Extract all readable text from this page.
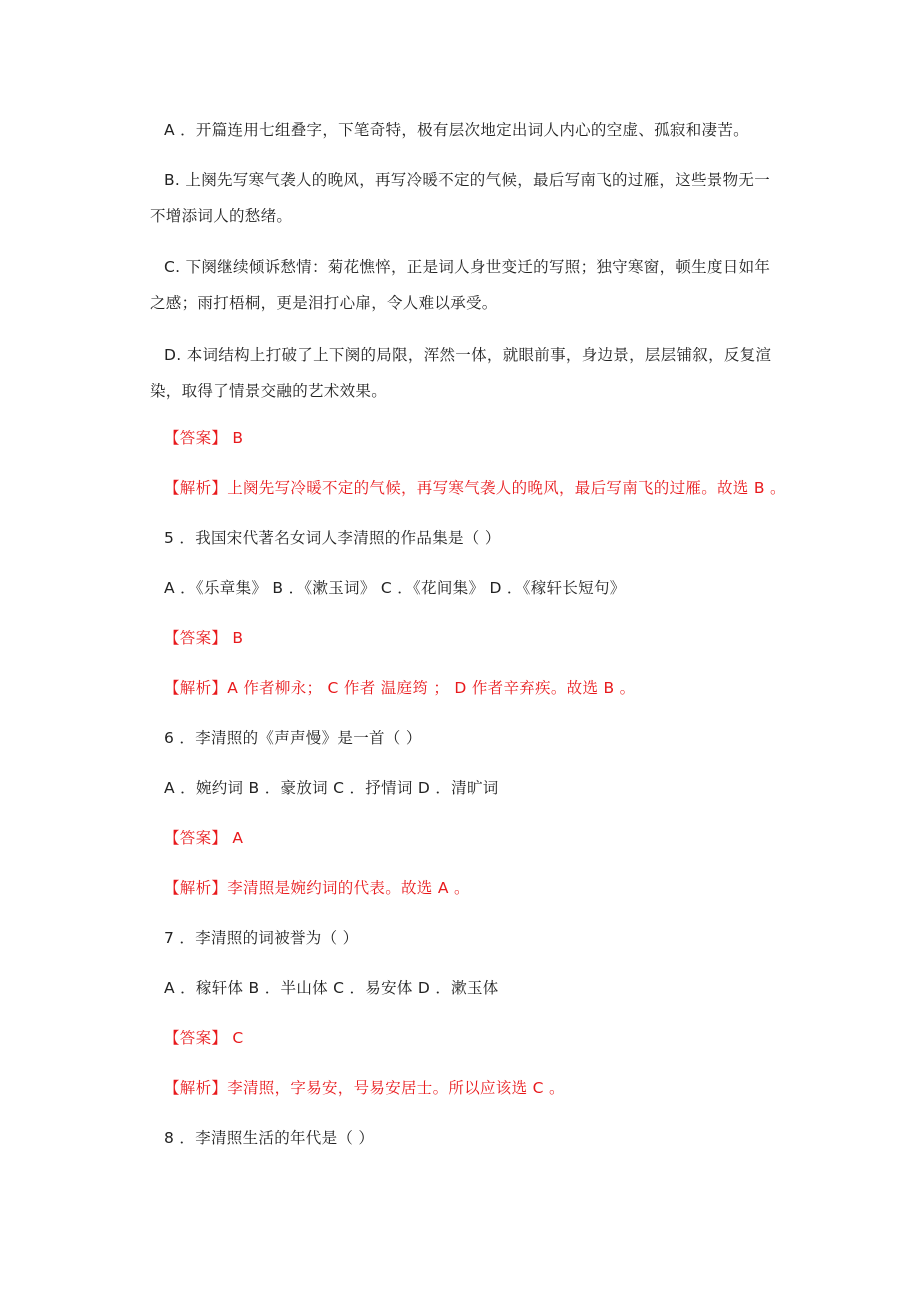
A ．开篇连用七组叠字，下笔奇特，极有层次地定出词人内心的空虚、孤寂和凄苦。
B. 上阕先写寒气袭人的晚风，再写冷暖不定的气候，最后写南飞的过雁，这些景物无一
不增添词人的愁绪。
C. 下阕继续倾诉愁情：菊花憔悴，正是词人身世变迁的写照；独守寒窗，顿生度日如年
之感；雨打梧桐，更是泪打心扉，令人难以承受。
D. 本词结构上打破了上下阕的局限，浑然一体，就眼前事，身边景，层层铺叙，反复渲
染，取得了情景交融的艺术效果。
【答案】 B
【解析】上阕先写冷暖不定的气候，再写寒气袭人的晚风，最后写南飞的过雁。故选 B 。
5 ．我国宋代著名女词人李清照的作品集是（ ）
A ．《乐章集》 B ．《漱玉词》 C ．《花间集》 D ．《稼轩长短句》
【答案】 B
【解析】A 作者柳永； C 作者 温庭筠 ； D 作者辛弃疾。故选 B 。
6 ．李清照的《声声慢》是一首（ ）
A ．婉约词 B ．豪放词 C ．抒情词 D ．清旷词
【答案】 A
【解析】李清照是婉约词的代表。故选 A 。
7 ．李清照的词被誉为（ ）
A ．稼轩体 B ．半山体 C ．易安体 D ．漱玉体
【答案】 C
【解析】李清照，字易安，号易安居士。所以应该选 C 。
8 ．李清照生活的年代是（ ）
